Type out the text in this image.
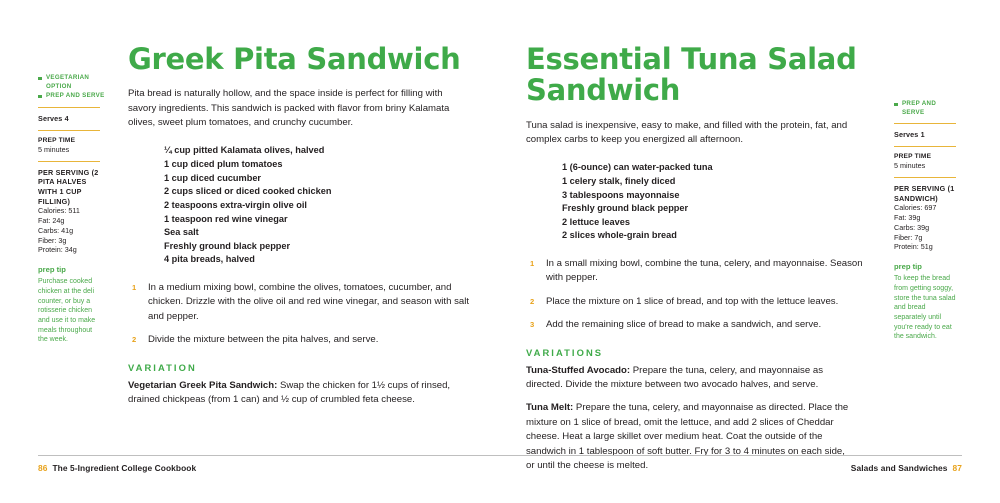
VEGETARIAN OPTION
PREP AND SERVE
Serves 4
PREP TIME
5 minutes
PER SERVING (2 PITA HALVES WITH 1 CUP FILLING)
Calories: 511
Fat: 24g
Carbs: 41g
Fiber: 3g
Protein: 34g
prep tip
Purchase cooked chicken at the deli counter, or buy a rotisserie chicken and use it to make meals throughout the week.
Greek Pita Sandwich

Pita bread is naturally hollow, and the space inside is perfect for filling with savory ingredients. This sandwich is packed with flavor from briny Kalamata olives, sweet plum tomatoes, and crunchy cucumber.

¼ cup pitted Kalamata olives, halved
1 cup diced plum tomatoes
1 cup diced cucumber
2 cups sliced or diced cooked chicken
2 teaspoons extra-virgin olive oil
1 teaspoon red wine vinegar
Sea salt
Freshly ground black pepper
4 pita breads, halved
In a medium mixing bowl, combine the olives, tomatoes, cucumber, and chicken. Drizzle with the olive oil and red wine vinegar, and season with salt and pepper.
Divide the mixture between the pita halves, and serve.
VARIATION

Vegetarian Greek Pita Sandwich: Swap the chicken for 1½ cups of rinsed, drained chickpeas (from 1 can) and ½ cup of crumbled feta cheese.

Essential Tuna Salad Sandwich

Tuna salad is inexpensive, easy to make, and filled with the protein, fat, and complex carbs to keep you energized all afternoon.

1 (6-ounce) can water-packed tuna
1 celery stalk, finely diced
3 tablespoons mayonnaise
Freshly ground black pepper
2 lettuce leaves
2 slices whole-grain bread
In a small mixing bowl, combine the tuna, celery, and mayonnaise. Season with pepper.
Place the mixture on 1 slice of bread, and top with the lettuce leaves.
Add the remaining slice of bread to make a sandwich, and serve.
VARIATIONS

Tuna-Stuffed Avocado: Prepare the tuna, celery, and mayonnaise as directed. Divide the mixture between two avocado halves, and serve.

Tuna Melt: Prepare the tuna, celery, and mayonnaise as directed. Place the mixture on 1 slice of bread, omit the lettuce, and add 2 slices of Cheddar cheese. Heat a large skillet over medium heat. Coat the outside of the sandwich in 1 tablespoon of soft butter. Fry for 3 to 4 minutes on each side, or until the cheese is melted.

PREP AND SERVE
Serves 1
PREP TIME
5 minutes
PER SERVING (1 SANDWICH)
Calories: 697
Fat: 39g
Carbs: 39g
Fiber: 7g
Protein: 51g
prep tip
To keep the bread from getting soggy, store the tuna salad and bread separately until you're ready to eat the sandwich.
86 The 5-Ingredient College Cookbook	Salads and Sandwiches 87
